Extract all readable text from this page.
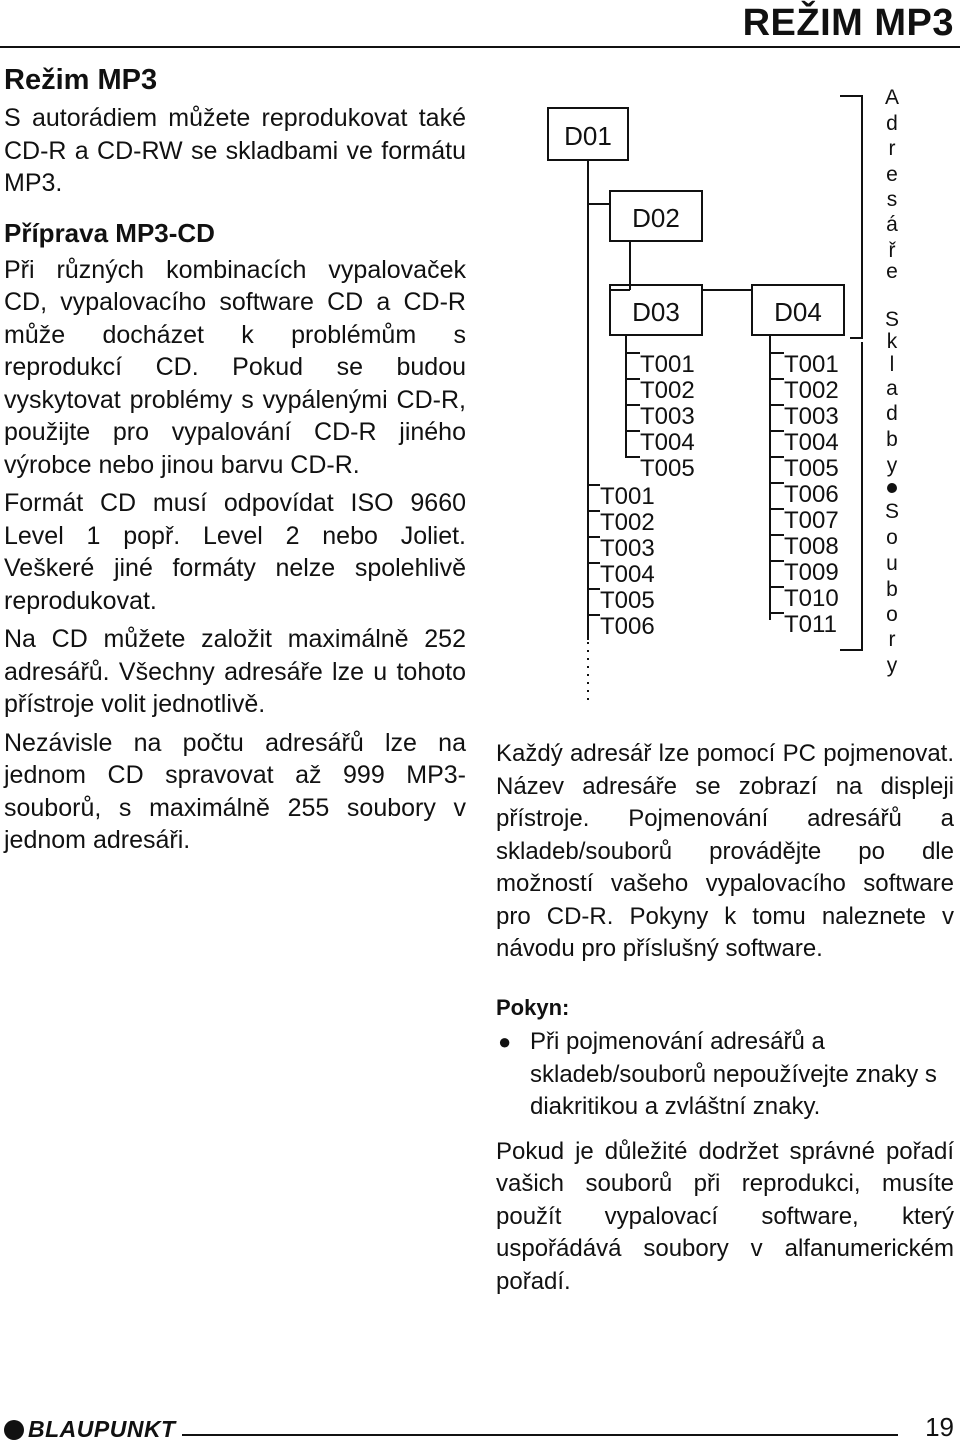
REŽIM MP3
Režim MP3

S autorádiem můžete reprodukovat také CD-R a CD-RW se skladbami ve formátu MP3.

Příprava MP3-CD

Při různých kombinacích vypalovaček CD, vypalovacího software CD a CD-R může docházet k problémům s reprodukcí CD. Pokud se budou vyskytovat problémy s vypálenými CD-R, použijte pro vypalování CD-R jiného výrobce nebo jinou barvu CD-R.

Formát CD musí odpovídat ISO 9660 Level 1 popř. Level 2 nebo Joliet. Veškeré jiné formáty nelze spolehlivě reprodukovat.

Na CD můžete založit maximálně 252 adresářů. Všechny adresáře lze u tohoto přístroje volit jednotlivě.

Nezávisle na počtu adresářů lze na jednom CD spravovat až 999 MP3-souborů, s maximálně 255 soubory v jednom adresáři.

D01
D02
D03	D04
T001
T002
T003
T004
T005
T001
T002
T003
T004
T005
T006
T001
T002
T003
T004
T005
T006
T007
T008
T009
T010
T011
A
d
r
e
s
á
ř
e
S
k
l
a
d
b
y
S
o
u
b
o
r
y

Každý adresář lze pomocí PC pojmenovat. Název adresáře se zobrazí na displeji přístroje. Pojmenování adresářů a skladeb/souborů provádějte po dle možností vašeho vypalovacího software pro CD-R. Pokyny k tomu naleznete v návodu pro příslušný software.

Pokyn:
● Při pojmenování adresářů a skladeb/souborů nepoužívejte znaky s diakritikou a zvláštní znaky.

Pokud je důležité dodržet správné pořadí vašich souborů při reprodukci, musíte použít vypalovací software, který uspořádává soubory v alfanumerickém pořadí.

BLAUPUNKT	19
